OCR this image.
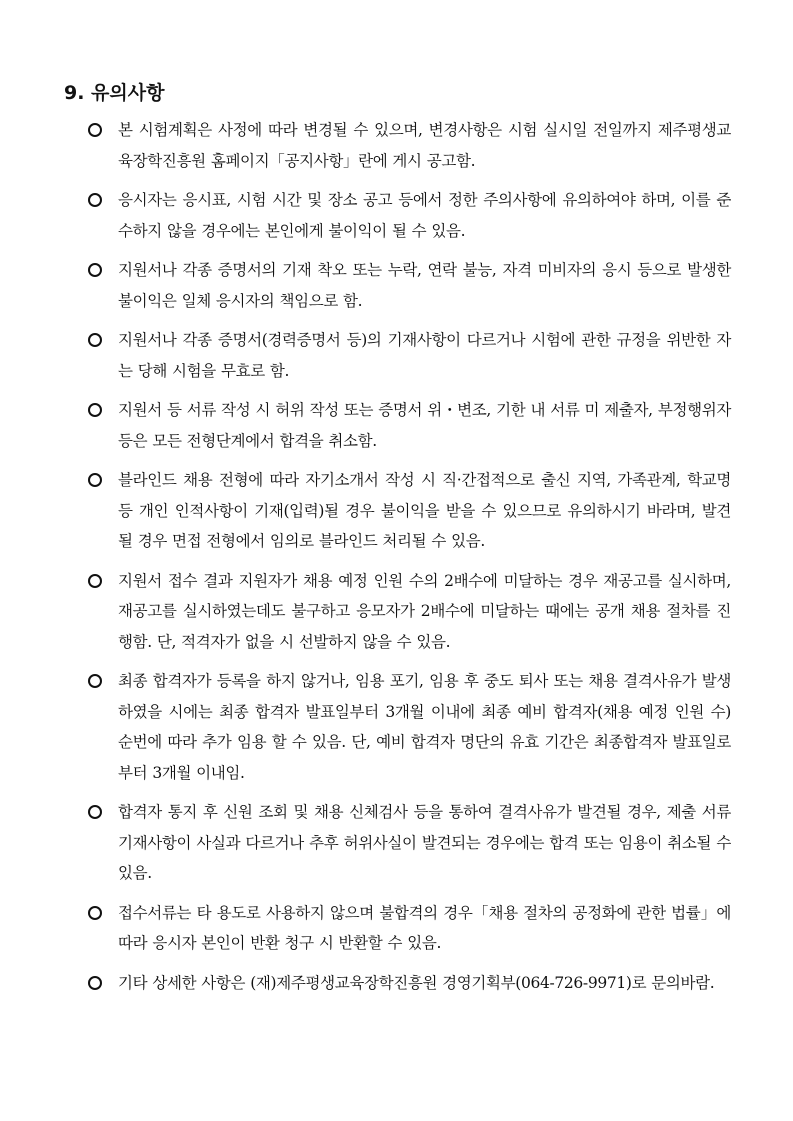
9. 유의사항
본 시험계획은 사정에 따라 변경될 수 있으며, 변경사항은 시험 실시일 전일까지 제주평생교육장학진흥원 홈페이지「공지사항」란에 게시 공고함.
응시자는 응시표, 시험 시간 및 장소 공고 등에서 정한 주의사항에 유의하여야 하며, 이를 준수하지 않을 경우에는 본인에게 불이익이 될 수 있음.
지원서나 각종 증명서의 기재 착오 또는 누락, 연락 불능, 자격 미비자의 응시 등으로 발생한 불이익은 일체 응시자의 책임으로 함.
지원서나 각종 증명서(경력증명서 등)의 기재사항이 다르거나 시험에 관한 규정을 위반한 자는 당해 시험을 무효로 함.
지원서 등 서류 작성 시 허위 작성 또는 증명서 위・변조, 기한 내 서류 미 제출자, 부정행위자 등은 모든 전형단계에서 합격을 취소함.
블라인드 채용 전형에 따라 자기소개서 작성 시 직·간접적으로 출신 지역, 가족관계, 학교명 등 개인 인적사항이 기재(입력)될 경우 불이익을 받을 수 있으므로 유의하시기 바라며, 발견 될 경우 면접 전형에서 임의로 블라인드 처리될 수 있음.
지원서 접수 결과 지원자가 채용 예정 인원 수의 2배수에 미달하는 경우 재공고를 실시하며, 재공고를 실시하였는데도 불구하고 응모자가 2배수에 미달하는 때에는 공개 채용 절차를 진행함. 단, 적격자가 없을 시 선발하지 않을 수 있음.
최종 합격자가 등록을 하지 않거나, 임용 포기, 임용 후 중도 퇴사 또는 채용 결격사유가 발생하였을 시에는 최종 합격자 발표일부터 3개월 이내에 최종 예비 합격자(채용 예정 인원 수) 순번에 따라 추가 임용 할 수 있음. 단, 예비 합격자 명단의 유효 기간은 최종합격자 발표일로부터 3개월 이내임.
합격자 통지 후 신원 조회 및 채용 신체검사 등을 통하여 결격사유가 발견될 경우, 제출 서류 기재사항이 사실과 다르거나 추후 허위사실이 발견되는 경우에는 합격 또는 임용이 취소될 수 있음.
접수서류는 타 용도로 사용하지 않으며 불합격의 경우「채용 절차의 공정화에 관한 법률」에 따라 응시자 본인이 반환 청구 시 반환할 수 있음.
기타 상세한 사항은 (재)제주평생교육장학진흥원 경영기획부(064-726-9971)로 문의바람.
